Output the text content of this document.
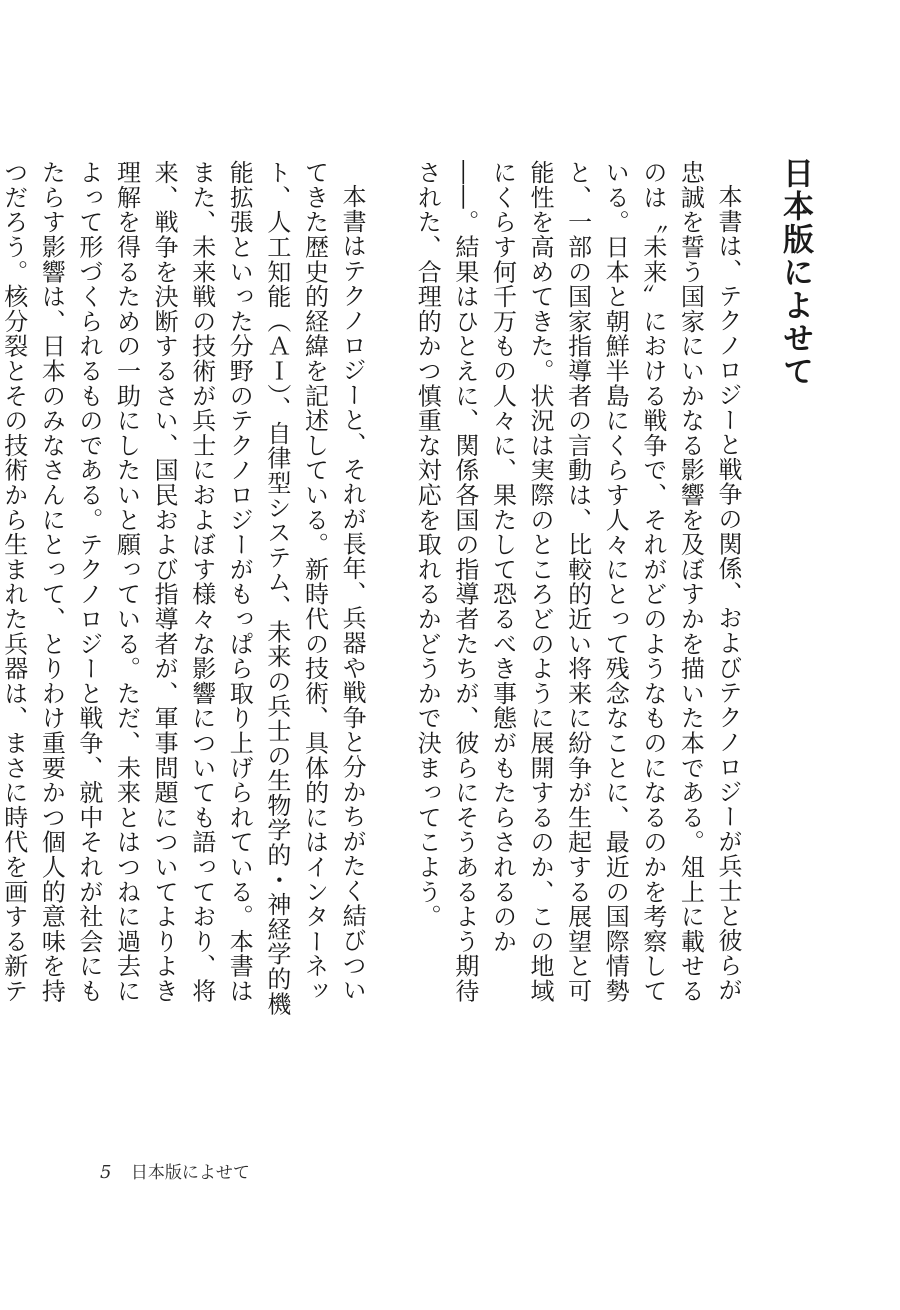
日本版によせて

本書は、テクノロジーと戦争の関係、およびテクノロジーが兵士と彼らが忠誠を誓う国家にいかなる影響を及ぼすかを描いた本である。俎上に載せるのは〝未来〟における戦争で、それがどのようなものになるのかを考察している。日本と朝鮮半島にくらす人々にとって残念なことに、最近の国際情勢と、一部の国家指導者の言動は、比較的近い将来に紛争が生起する展望と可能性を高めてきた。状況は実際のところどのように展開するのか、この地域にくらす何千万もの人々に、果たして恐るべき事態がもたらされるのか――。結果はひとえに、関係各国の指導者たちが、彼らにそうあるよう期待された、合理的かつ慎重な対応を取れるかどうかで決まってこよう。

本書はテクノロジーと、それが長年、兵器や戦争と分かちがたく結びついてきた歴史的経緯を記述している。新時代の技術、具体的にはインターネット、人工知能（ＡＩ）、自律型システム、未来の兵士の生物学的・神経学的機能拡張といった分野のテクノロジーがもっぱら取り上げられている。本書はまた、未来戦の技術が兵士におよぼす様々な影響についても語っており、将来、戦争を決断するさい、国民および指導者が、軍事問題についてよりよき理解を得るための一助にしたいと願っている。ただ、未来とはつねに過去によって形づくられるものである。テクノロジーと戦争、就中それが社会にもたらす影響は、日本のみなさんにとって、とりわけ重要かつ個人的意味を持つだろう。核分裂とその技術から生まれた兵器は、まさに時代を画する新テ

5 日本版によせて
